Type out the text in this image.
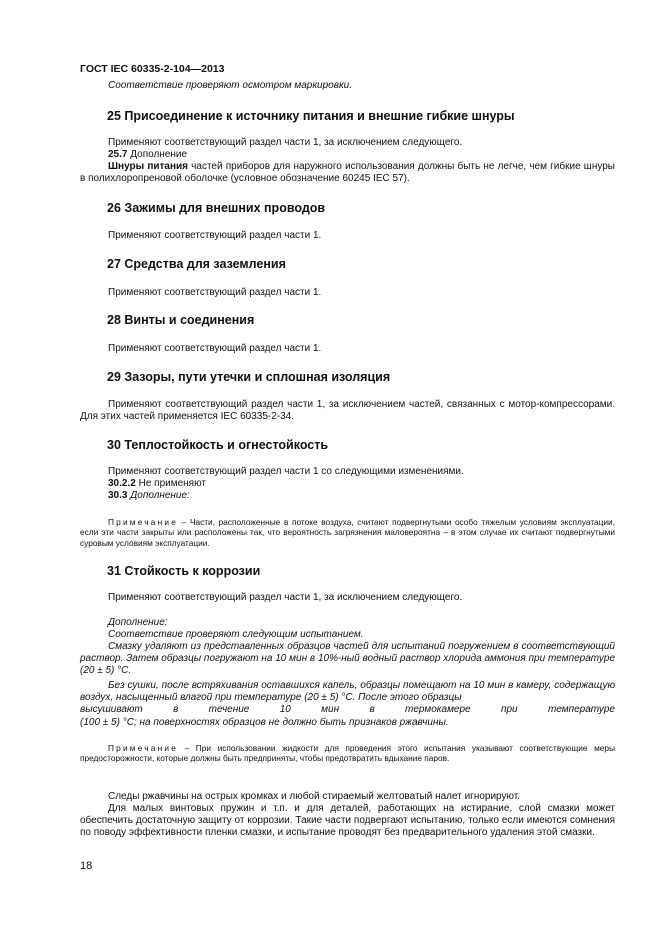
ГОСТ IEC 60335-2-104—2013
Соответствие проверяют осмотром маркировки.
25 Присоединение к источнику питания и внешние гибкие шнуры
Применяют соответствующий раздел части 1, за исключением следующего.
25.7 Дополнение
Шнуры питания частей приборов для наружного использования должны быть не легче, чем гибкие шнуры в полихлоропреновой оболочке (условное обозначение 60245 IEC 57).
26 Зажимы для внешних проводов
Применяют соответствующий раздел части 1.
27 Средства для заземления
Применяют соответствующий раздел части 1.
28 Винты и соединения
Применяют соответствующий раздел части 1.
29 Зазоры, пути утечки и сплошная изоляция
Применяют соответствующий раздел части 1, за исключением частей, связанных с мотор-компрессорами. Для этих частей применяется IEC 60335-2-34.
30 Теплостойкость и огнестойкость
Применяют соответствующий раздел части 1 со следующими изменениями.
30.2.2 Не применяют
30.3 Дополнение:
Примечание – Части, расположенные в потоке воздуха, считают подвергнутыми особо тяжелым условиям эксплуатации, если эти части закрыты или расположены так, что вероятность загрязнения маловероятна – в этом случае их считают подвергнутыми суровым условиям эксплуатации.
31 Стойкость к коррозии
Применяют соответствующий раздел части 1, за исключением следующего.
Дополнение:
Соответствие проверяют следующим испытанием.
Смазку удаляют из представленных образцов частей для испытаний погружением в соответствующий раствор. Затем образцы погружают на 10 мин в 10%-ный водный раствор хлорида аммония при температуре (20 ± 5) °С.

Без сушки, после встряхивания оставшихся капель, образцы помещают на 10 мин в камеру, содержащую воздух, насыщенный влагой при температуре (20 ± 5) °С. После этого образцы

высушивают в течение 10 мин в термокамере при температуре

(100 ± 5) °С; на поверхностях образцов не должно быть признаков ржавчины.

Примечание – При использовании жидкости для проведения этого испытания указывают соответствующие меры предосторожности, которые должны быть предприняты, чтобы предотвратить вдыхание паров.
Следы ржавчины на острых кромках и любой стираемый желтоватый налет игнорируют.
Для малых винтовых пружин и т.п. и для деталей, работающих на истирание, слой смазки может обеспечить достаточную защиту от коррозии. Такие части подвергают испытанию, только если имеются сомнения по поводу эффективности пленки смазки, и испытание проводят без предварительного удаления этой смазки.
18
